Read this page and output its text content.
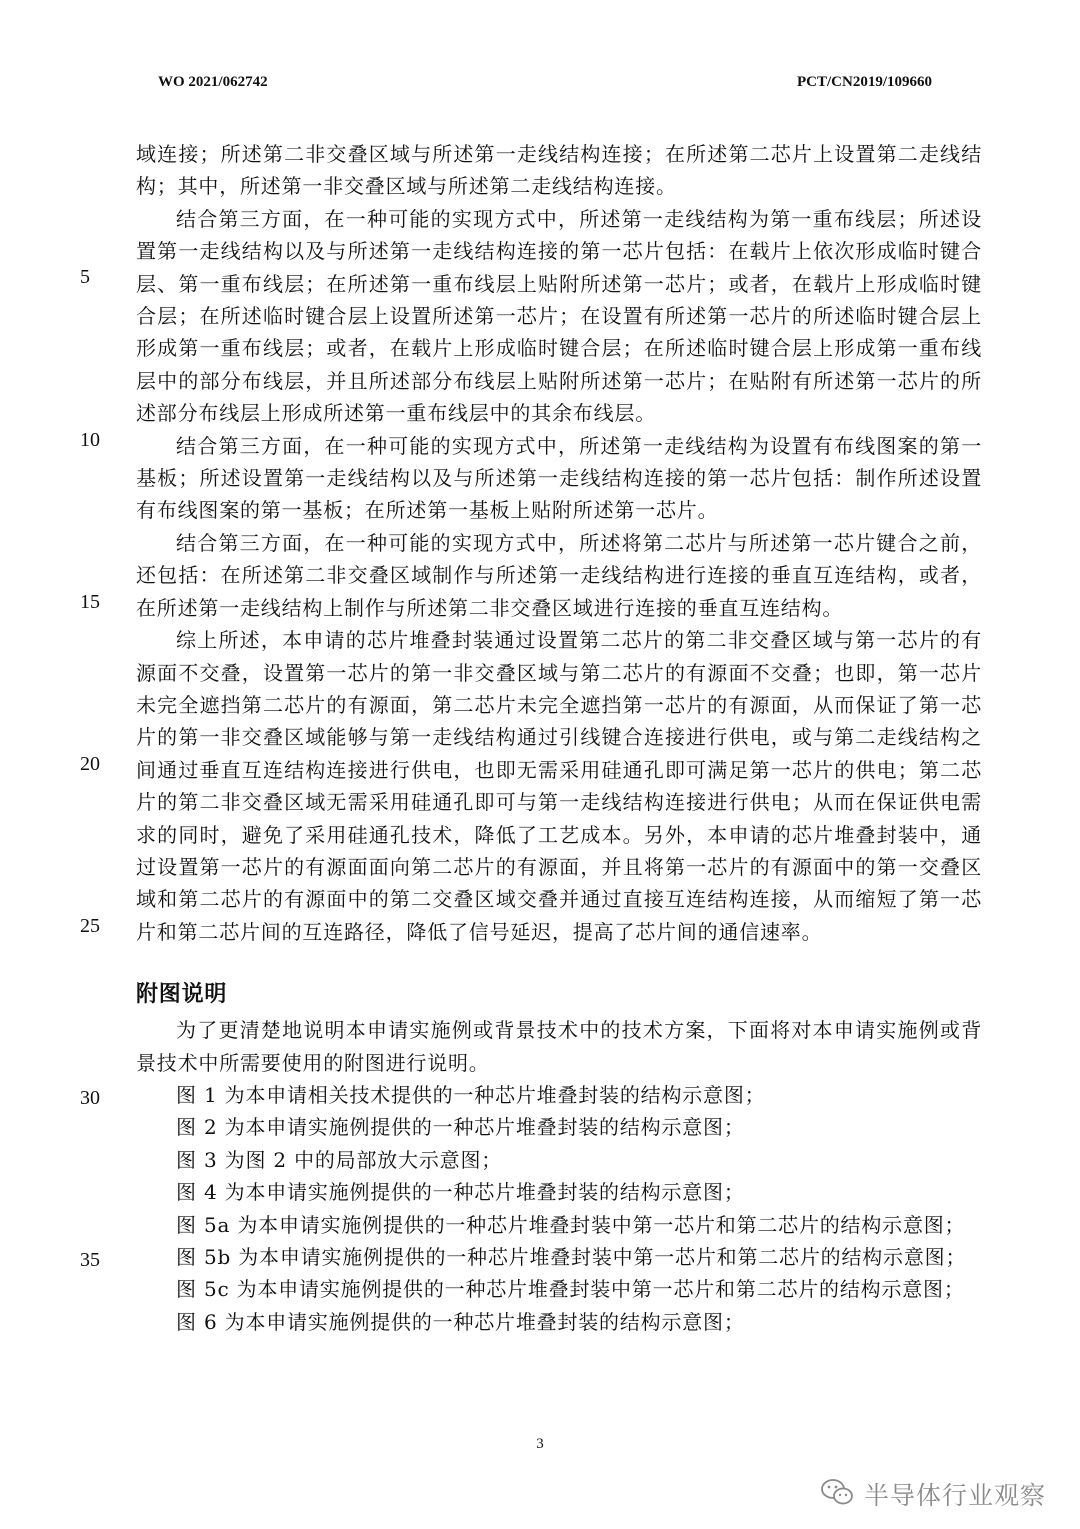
WO 2021/062742	PCT/CN2019/109660
5
10
15
20
25
30
35

域连接；所述第二非交叠区域与所述第一走线结构连接；在所述第二芯片上设置第二走线结构；其中，所述第一非交叠区域与所述第二走线结构连接。

结合第三方面，在一种可能的实现方式中，所述第一走线结构为第一重布线层；所述设置第一走线结构以及与所述第一走线结构连接的第一芯片包括：在载片上依次形成临时键合层、第一重布线层；在所述第一重布线层上贴附所述第一芯片；或者，在载片上形成临时键合层；在所述临时键合层上设置所述第一芯片；在设置有所述第一芯片的所述临时键合层上形成第一重布线层；或者，在载片上形成临时键合层；在所述临时键合层上形成第一重布线层中的部分布线层，并且所述部分布线层上贴附所述第一芯片；在贴附有所述第一芯片的所述部分布线层上形成所述第一重布线层中的其余布线层。

结合第三方面，在一种可能的实现方式中，所述第一走线结构为设置有布线图案的第一基板；所述设置第一走线结构以及与所述第一走线结构连接的第一芯片包括：制作所述设置有布线图案的第一基板；在所述第一基板上贴附所述第一芯片。

结合第三方面，在一种可能的实现方式中，所述将第二芯片与所述第一芯片键合之前，还包括：在所述第二非交叠区域制作与所述第一走线结构进行连接的垂直互连结构，或者，在所述第一走线结构上制作与所述第二非交叠区域进行连接的垂直互连结构。

综上所述，本申请的芯片堆叠封装通过设置第二芯片的第二非交叠区域与第一芯片的有源面不交叠，设置第一芯片的第一非交叠区域与第二芯片的有源面不交叠；也即，第一芯片未完全遮挡第二芯片的有源面，第二芯片未完全遮挡第一芯片的有源面，从而保证了第一芯片的第一非交叠区域能够与第一走线结构通过引线键合连接进行供电，或与第二走线结构之间通过垂直互连结构连接进行供电，也即无需采用硅通孔即可满足第一芯片的供电；第二芯片的第二非交叠区域无需采用硅通孔即可与第一走线结构连接进行供电；从而在保证供电需求的同时，避免了采用硅通孔技术，降低了工艺成本。另外，本申请的芯片堆叠封装中，通过设置第一芯片的有源面面向第二芯片的有源面，并且将第一芯片的有源面中的第一交叠区域和第二芯片的有源面中的第二交叠区域交叠并通过直接互连结构连接，从而缩短了第一芯片和第二芯片间的互连路径，降低了信号延迟，提高了芯片间的通信速率。

附图说明

为了更清楚地说明本申请实施例或背景技术中的技术方案，下面将对本申请实施例或背景技术中所需要使用的附图进行说明。

图 1 为本申请相关技术提供的一种芯片堆叠封装的结构示意图；

图 2 为本申请实施例提供的一种芯片堆叠封装的结构示意图；

图 3 为图 2 中的局部放大示意图；

图 4 为本申请实施例提供的一种芯片堆叠封装的结构示意图；

图 5a 为本申请实施例提供的一种芯片堆叠封装中第一芯片和第二芯片的结构示意图；

图 5b 为本申请实施例提供的一种芯片堆叠封装中第一芯片和第二芯片的结构示意图；

图 5c 为本申请实施例提供的一种芯片堆叠封装中第一芯片和第二芯片的结构示意图；

图 6 为本申请实施例提供的一种芯片堆叠封装的结构示意图；

3
半导体行业观察
